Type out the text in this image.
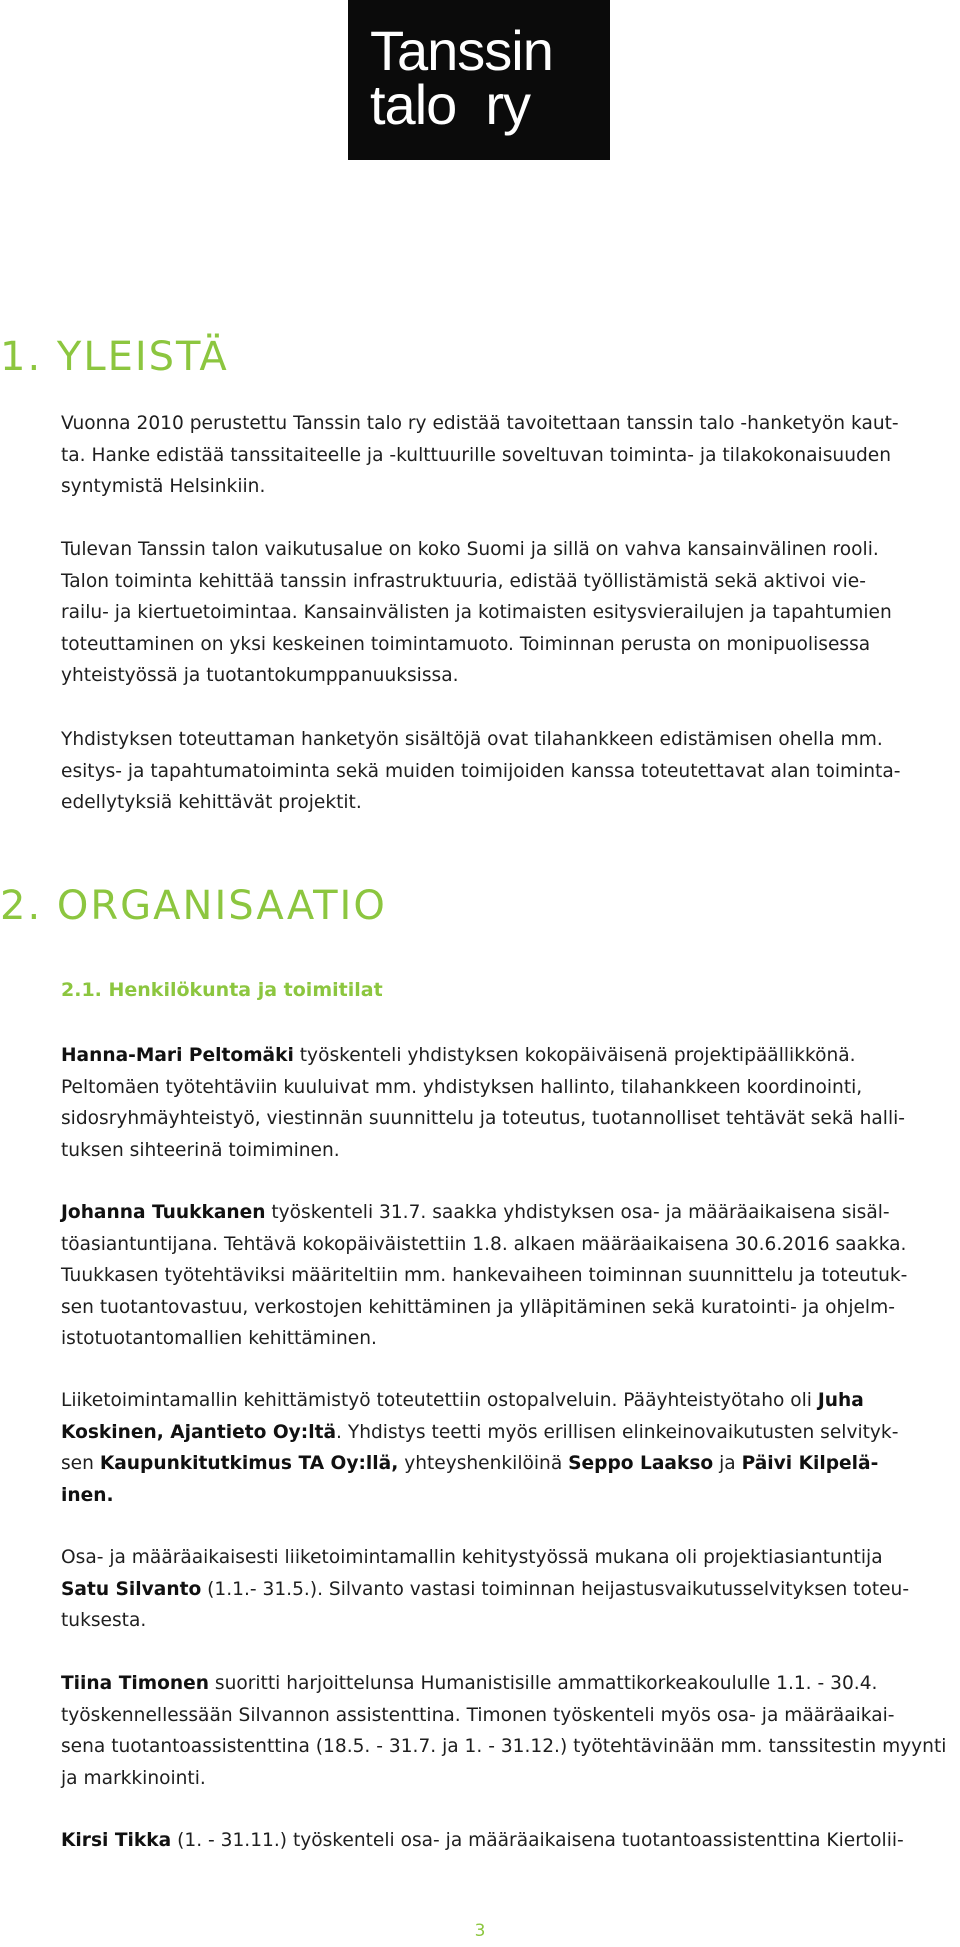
Tanssin
talo  ry
1. YLEISTÄ

Vuonna 2010 perustettu Tanssin talo ry edistää tavoitettaan tanssin talo -hanketyön kaut-
ta. Hanke edistää tanssitaiteelle ja -kulttuurille soveltuvan toiminta- ja tilakokonaisuuden
syntymistä Helsinkiin.

Tulevan Tanssin talon vaikutusalue on koko Suomi ja sillä on vahva kansainvälinen rooli.
Talon toiminta kehittää tanssin infrastruktuuria, edistää työllistämistä sekä aktivoi vie-
railu- ja kiertuetoimintaa. Kansainvälisten ja kotimaisten esitysvierailujen ja tapahtumien
toteuttaminen on yksi keskeinen toimintamuoto. Toiminnan perusta on monipuolisessa
yhteistyössä ja tuotantokumppanuuksissa.

Yhdistyksen toteuttaman hanketyön sisältöjä ovat tilahankkeen edistämisen ohella mm.
esitys- ja tapahtumatoiminta sekä muiden toimijoiden kanssa toteutettavat alan toiminta-
edellytyksiä kehittävät projektit.

2. ORGANISAATIO
2.1. Henkilökunta ja toimitilat

Hanna-Mari Peltomäki työskenteli yhdistyksen kokopäiväisenä projektipäällikkönä.
Peltomäen työtehtäviin kuuluivat mm. yhdistyksen hallinto, tilahankkeen koordinointi,
sidosryhmäyhteistyö, viestinnän suunnittelu ja toteutus, tuotannolliset tehtävät sekä halli-
tuksen sihteerinä toimiminen.

Johanna Tuukkanen työskenteli 31.7. saakka yhdistyksen osa- ja määräaikaisena sisäl-
töasiantuntijana. Tehtävä kokopäiväistettiin 1.8. alkaen määräaikaisena 30.6.2016 saakka.
Tuukkasen työtehtäviksi määriteltiin mm. hankevaiheen toiminnan suunnittelu ja toteutuk-
sen tuotantovastuu, verkostojen kehittäminen ja ylläpitäminen sekä kuratointi- ja ohjelm-
istotuotantomallien kehittäminen.

Liiketoimintamallin kehittämistyö toteutettiin ostopalveluin. Pääyhteistyötaho oli Juha
Koskinen, Ajantieto Oy:ltä. Yhdistys teetti myös erillisen elinkeinovaikutusten selvityk-
sen Kaupunkitutkimus TA Oy:llä, yhteyshenkilöinä Seppo Laakso ja Päivi Kilpelä-
inen.

Osa- ja määräaikaisesti liiketoimintamallin kehitystyössä mukana oli projektiasiantuntija
Satu Silvanto (1.1.- 31.5.). Silvanto vastasi toiminnan heijastusvaikutusselvityksen toteu-
tuksesta.

Tiina Timonen suoritti harjoittelunsa Humanistisille ammattikorkeakoululle 1.1. - 30.4.
työskennellessään Silvannon assistenttina. Timonen työskenteli myös osa- ja määräaikai-
sena tuotantoassistenttina (18.5. - 31.7. ja 1. - 31.12.) työtehtävinään mm. tanssitestin myynti
ja markkinointi.

Kirsi Tikka (1. - 31.11.) työskenteli osa- ja määräaikaisena tuotantoassistenttina Kiertolii-

3
